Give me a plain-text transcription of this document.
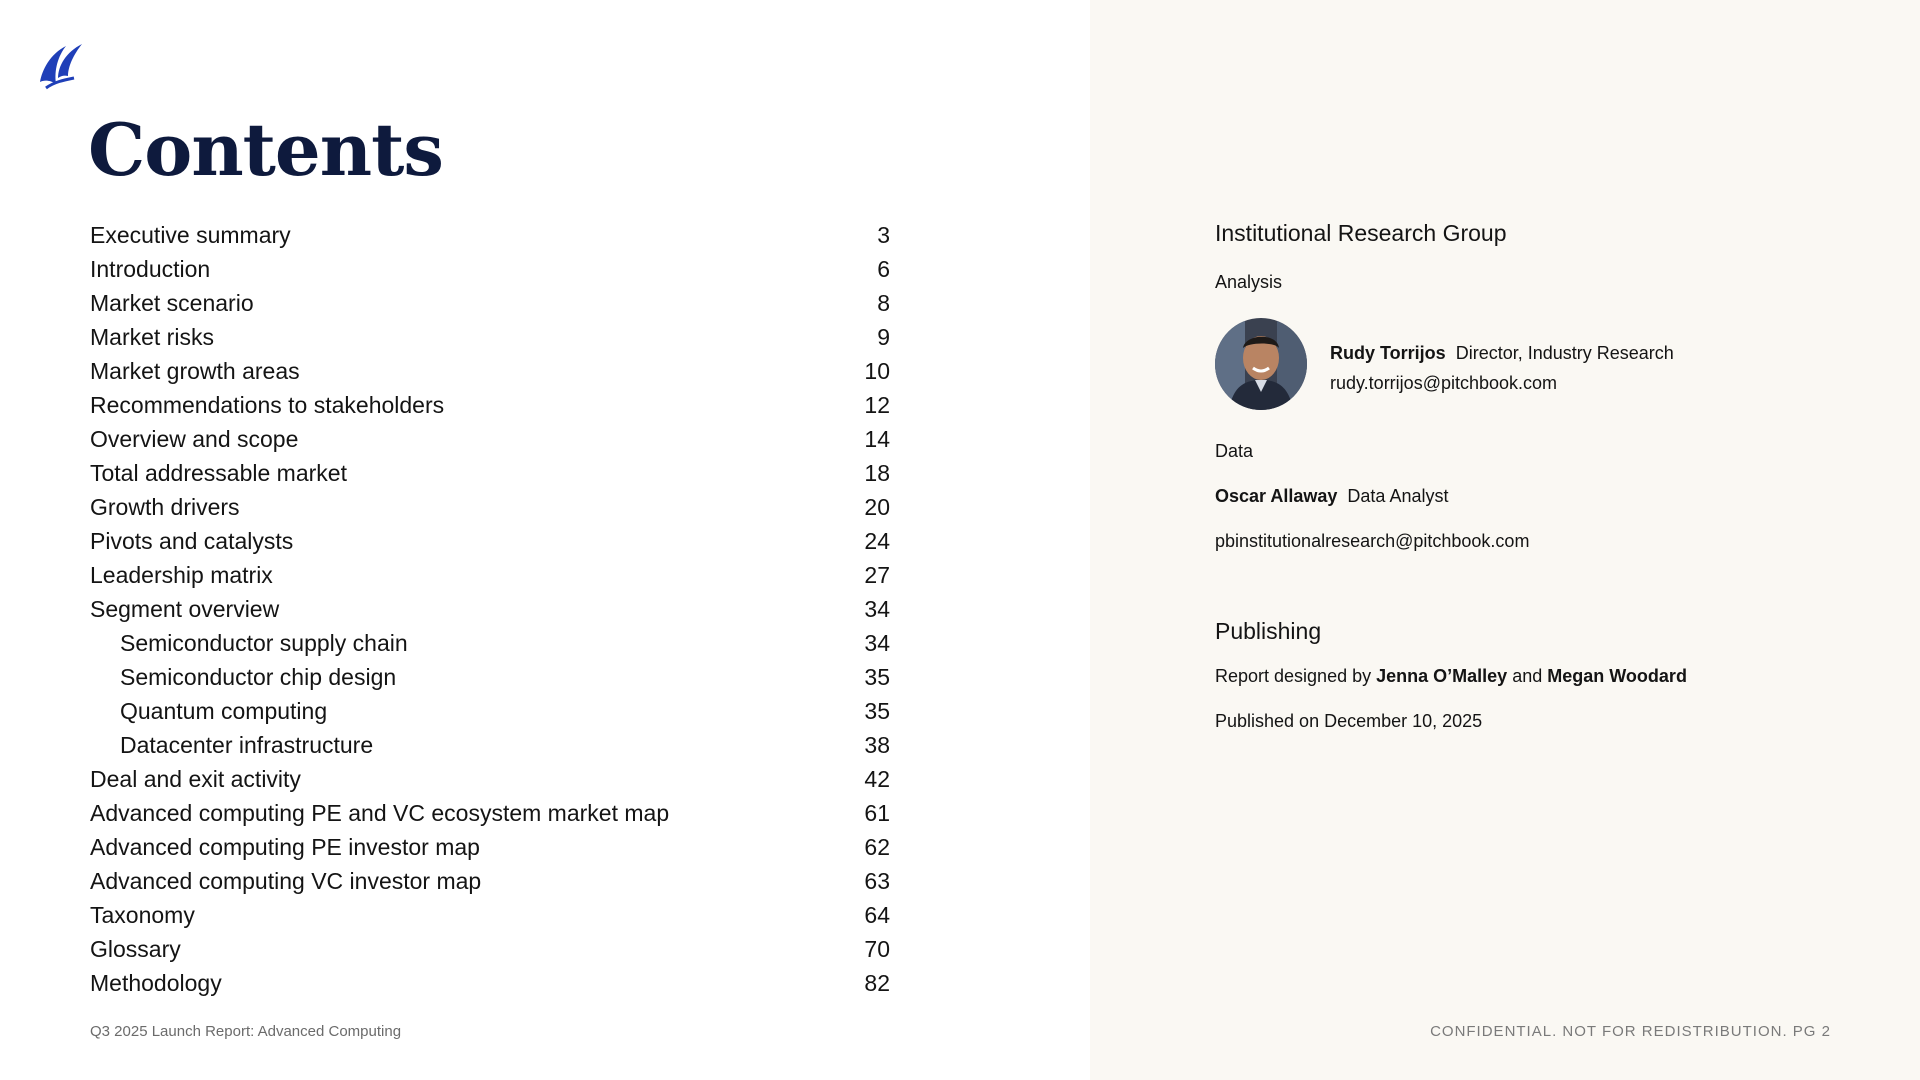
Contents
Executive summary	3
Introduction	6
Market scenario	8
Market risks	9
Market growth areas	10
Recommendations to stakeholders	12
Overview and scope	14
Total addressable market	18
Growth drivers	20
Pivots and catalysts	24
Leadership matrix	27
Segment overview	34
Semiconductor supply chain	34
Semiconductor chip design	35
Quantum computing	35
Datacenter infrastructure	38
Deal and exit activity	42
Advanced computing PE and VC ecosystem market map	61
Advanced computing PE investor map	62
Advanced computing VC investor map	63
Taxonomy	64
Glossary	70
Methodology	82
Q3 2025 Launch Report: Advanced Computing	CONFIDENTIAL. NOT FOR REDISTRIBUTION. PG 2
Institutional Research Group
Analysis
Rudy Torrijos Director, Industry Research
rudy.torrijos@pitchbook.com
Data
Oscar Allaway Data Analyst
pbinstitutionalresearch@pitchbook.com
Publishing
Report designed by Jenna O’Malley and Megan Woodard
Published on December 10, 2025
